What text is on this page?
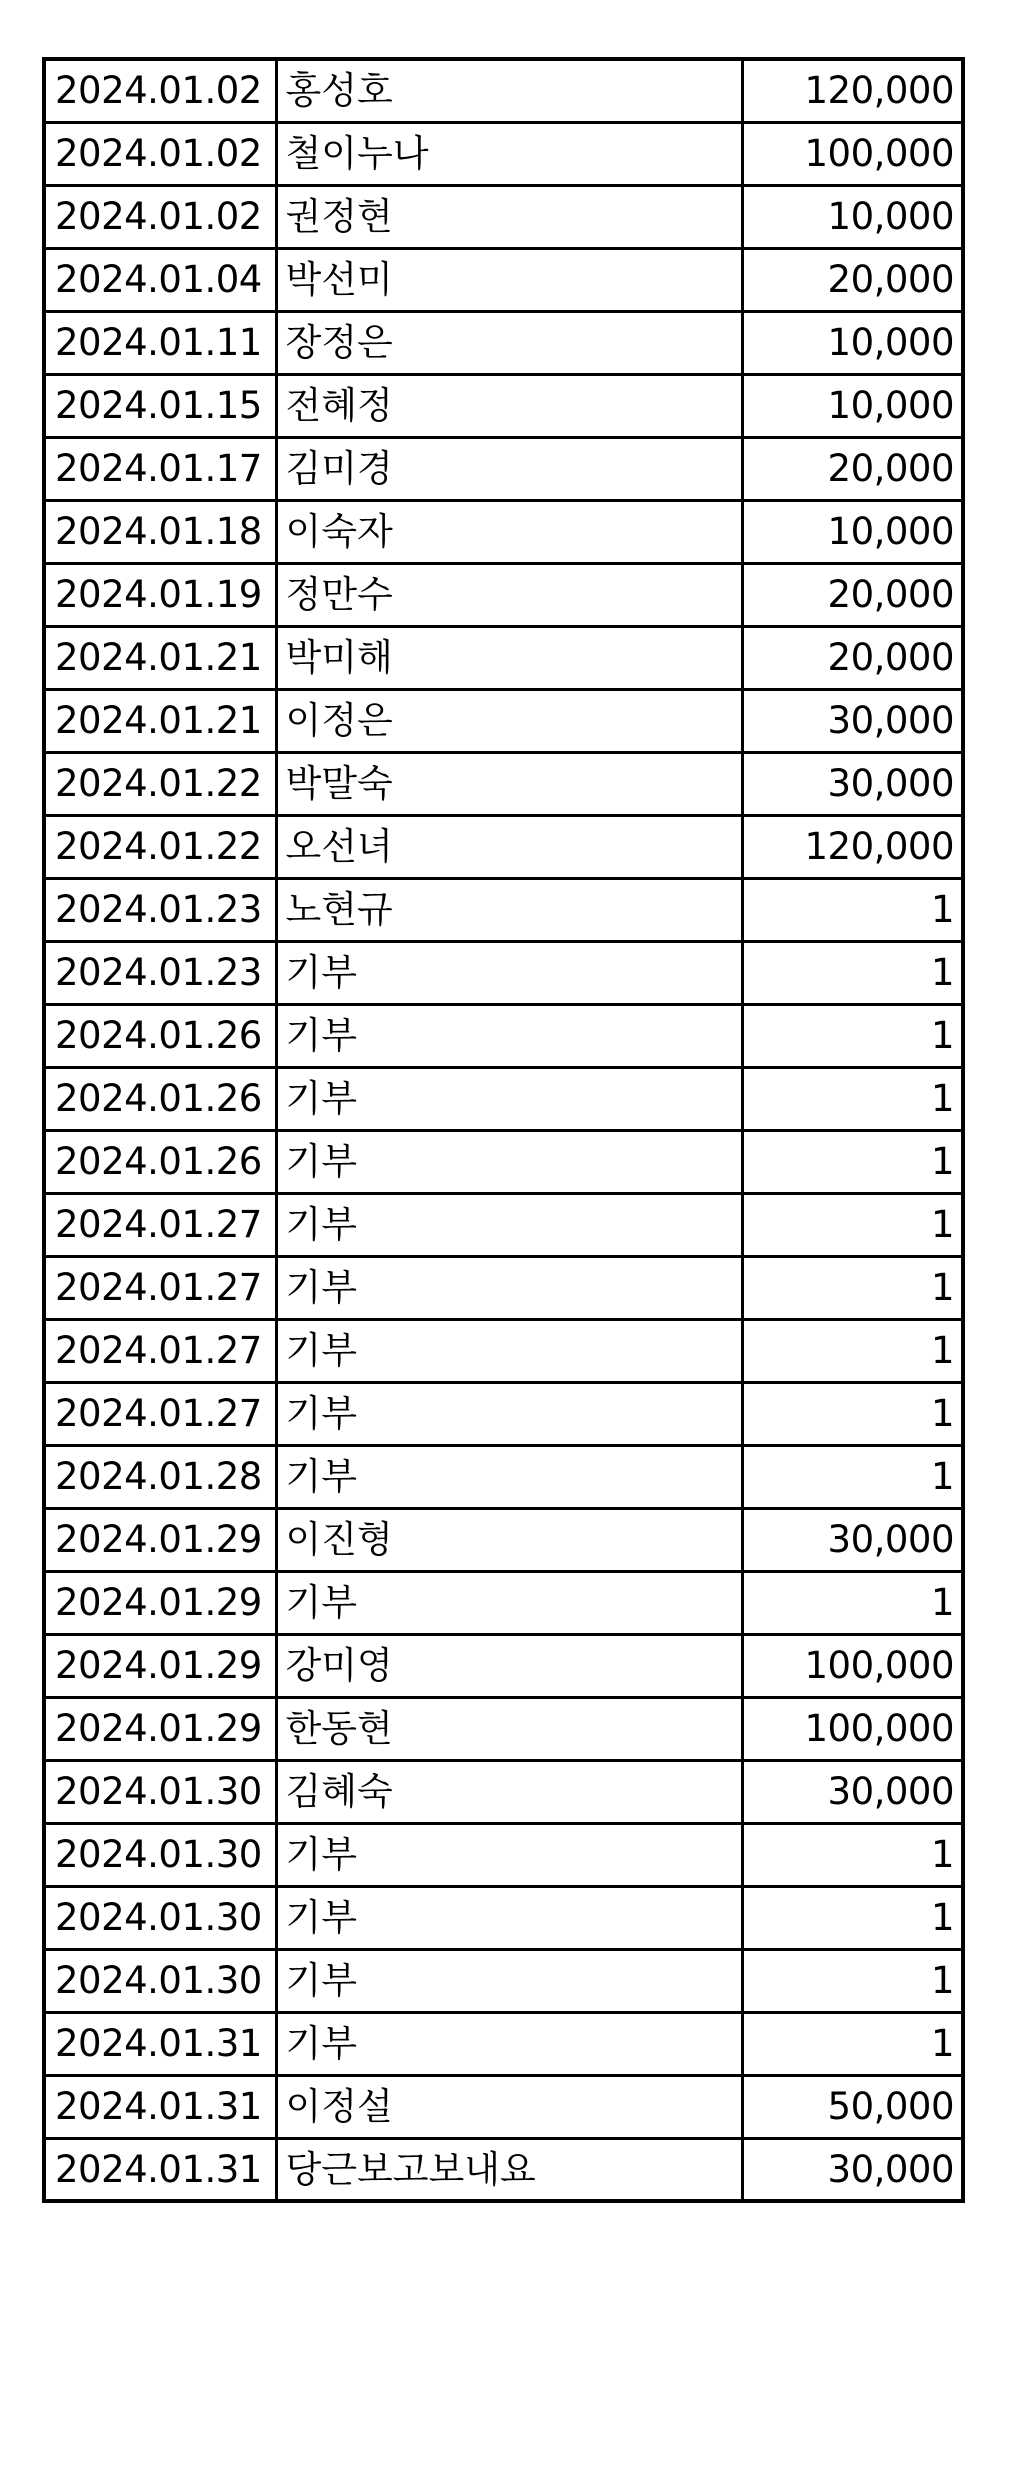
2024.01.02	홍성호	120,000
2024.01.02	철이누나	100,000
2024.01.02	권정현	10,000
2024.01.04	박선미	20,000
2024.01.11	장정은	10,000
2024.01.15	전혜정	10,000
2024.01.17	김미경	20,000
2024.01.18	이숙자	10,000
2024.01.19	정만수	20,000
2024.01.21	박미해	20,000
2024.01.21	이정은	30,000
2024.01.22	박말숙	30,000
2024.01.22	오선녀	120,000
2024.01.23	노현규	1
2024.01.23	기부	1
2024.01.26	기부	1
2024.01.26	기부	1
2024.01.26	기부	1
2024.01.27	기부	1
2024.01.27	기부	1
2024.01.27	기부	1
2024.01.27	기부	1
2024.01.28	기부	1
2024.01.29	이진형	30,000
2024.01.29	기부	1
2024.01.29	강미영	100,000
2024.01.29	한동현	100,000
2024.01.30	김혜숙	30,000
2024.01.30	기부	1
2024.01.30	기부	1
2024.01.30	기부	1
2024.01.31	기부	1
2024.01.31	이정설	50,000
2024.01.31	당근보고보내요	30,000
